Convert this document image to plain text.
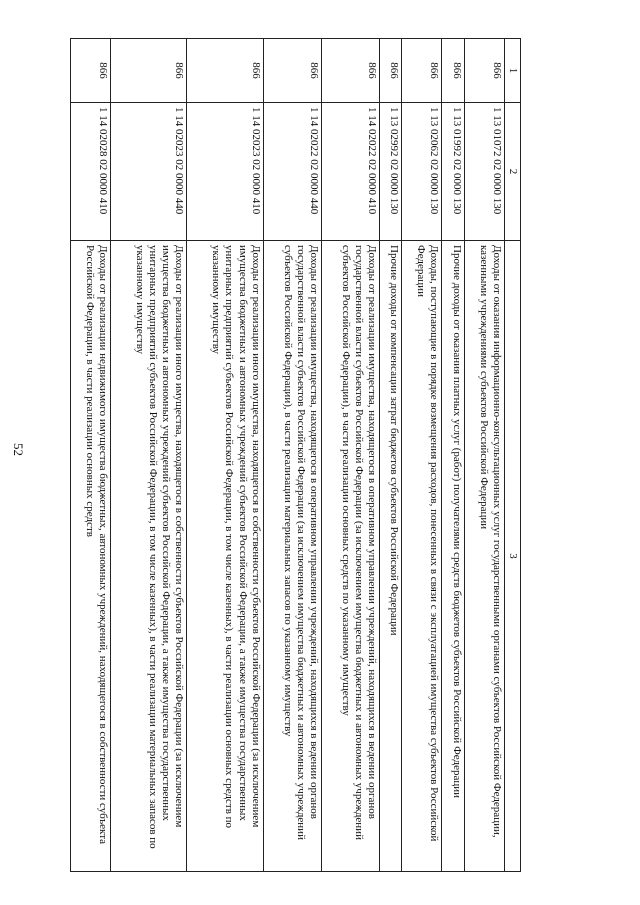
52
1	2	3
866	1 13 01072 02 0000 130	Доходы от оказания информационно-консультационных услуг государственными органами субъектов Российской Федерации, казенными учреждениями субъектов Российской Федерации
866	1 13 01992 02 0000 130	Прочие доходы от оказания платных услуг (работ) получателями средств бюджетов субъектов Российской Федерации
866	1 13 02062 02 0000 130	Доходы, поступающие в порядке возмещения расходов, понесенных в связи с эксплуатацией имущества субъектов Российской Федерации
866	1 13 02992 02 0000 130	Прочие доходы от компенсации затрат бюджетов субъектов Российской Федерации
866	1 14 02022 02 0000 410	Доходы от реализации имущества, находящегося в оперативном управлении учреждений, находящихся в ведении органов государственной власти субъектов Российской Федерации (за исключением имущества бюджетных и автономных учреждений субъектов Российской Федерации), в части реализации основных средств по указанному имуществу
866	1 14 02022 02 0000 440	Доходы от реализации имущества, находящегося в оперативном управлении учреждений, находящихся в ведении органов государственной власти субъектов Российской Федерации (за исключением имущества бюджетных и автономных учреждений субъектов Российской Федерации), в части реализации материальных запасов по указанному имуществу
866	1 14 02023 02 0000 410	Доходы от реализации иного имущества, находящегося в собственности субъектов Российской Федерации (за исключением имущества бюджетных и автономных учреждений субъектов Российской Федерации, а также имущества государственных унитарных предприятий субъектов Российской Федерации, в том числе казенных), в части реализации основных средств по указанному имуществу
866	1 14 02023 02 0000 440	Доходы от реализации иного имущества, находящегося в собственности субъектов Российской Федерации (за исключением имущества бюджетных и автономных учреждений субъектов Российской Федерации, а также имущества государственных унитарных предприятий субъектов Российской Федерации, в том числе казенных), в части реализации материальных запасов по указанному имуществу
866	1 14 02028 02 0000 410	Доходы от реализации недвижимого имущества бюджетных, автономных учреждений, находящегося в собственности субъекта Российской Федерации, в части реализации основных средств
